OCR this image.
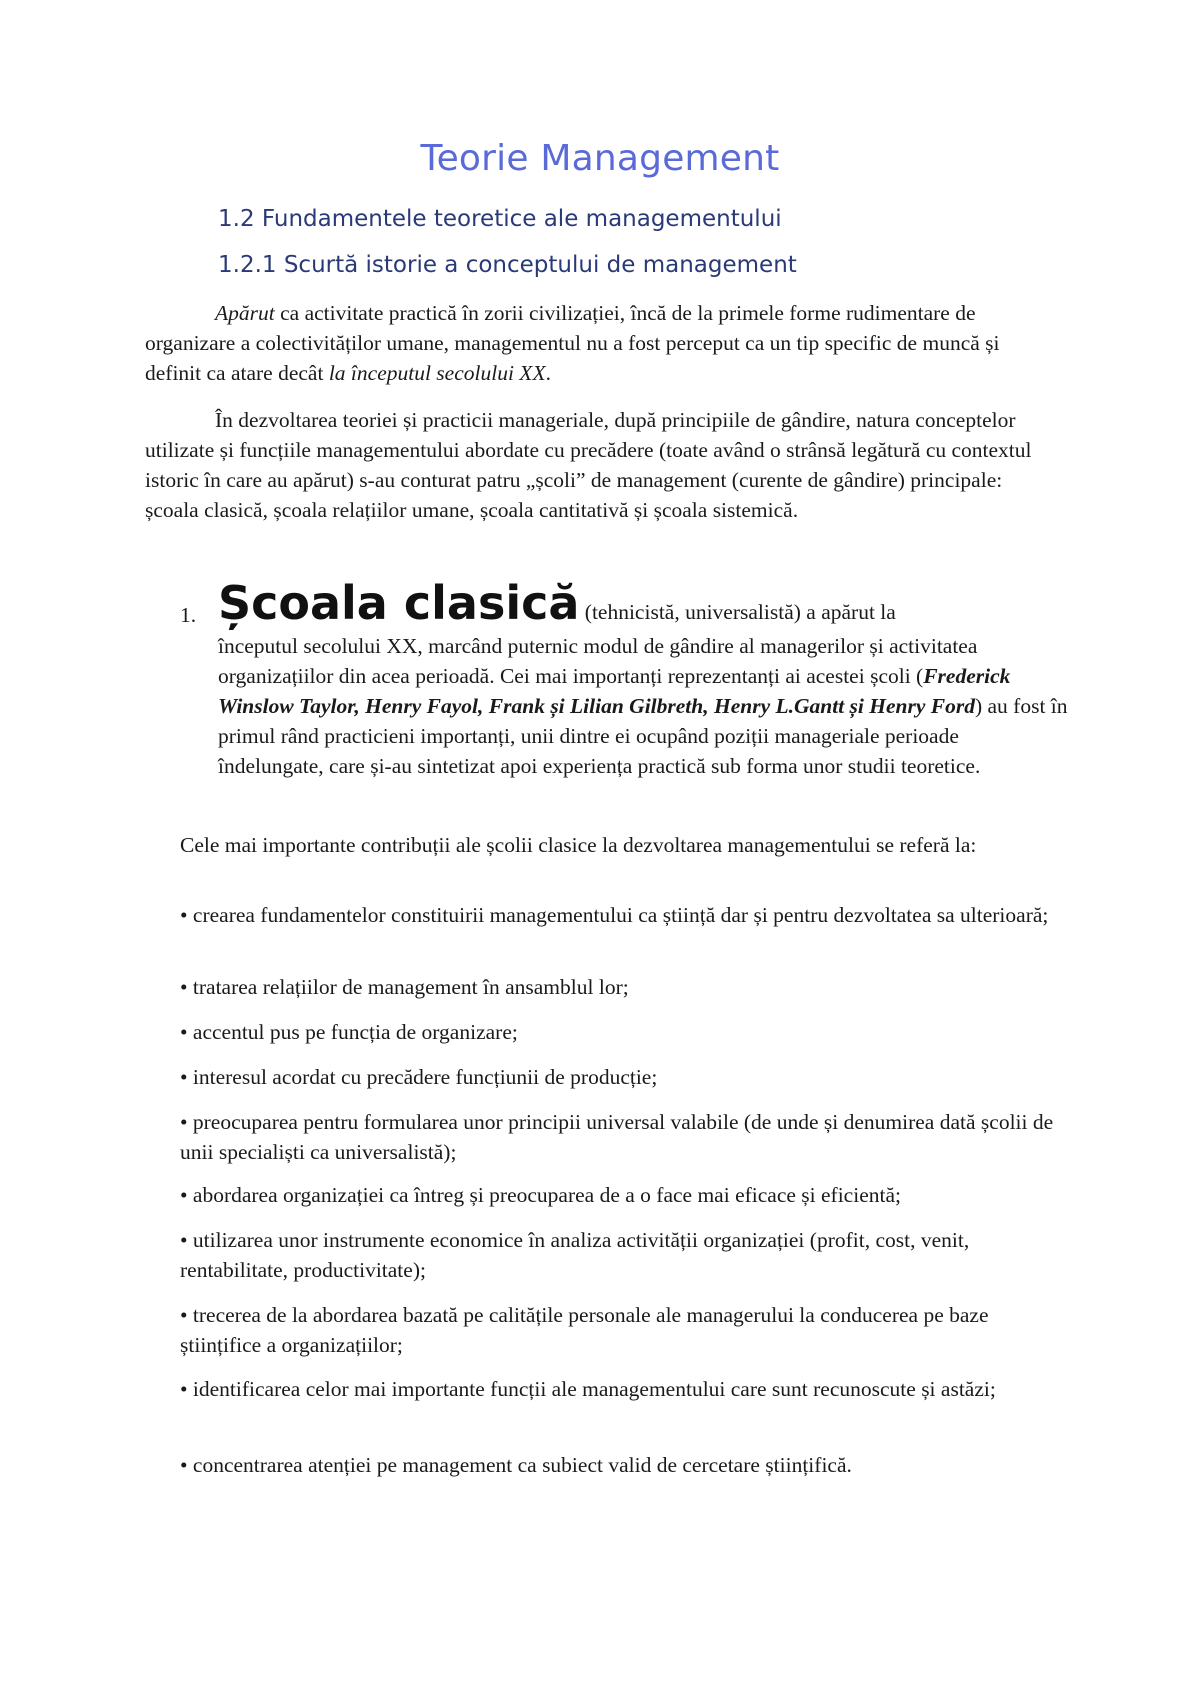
Teorie Management
1.2 Fundamentele teoretice ale managementului
1.2.1 Scurtă istorie a conceptului de management
Apărut ca activitate practică în zorii civilizației, încă de la primele forme rudimentare de organizare a colectivităților umane, managementul nu a fost perceput ca un tip specific de muncă și definit ca atare decât la începutul secolului XX.
În dezvoltarea teoriei și practicii manageriale, după principiile de gândire, natura conceptelor utilizate și funcțiile managementului abordate cu precădere (toate având o strânsă legătură cu contextul istoric în care au apărut) s-au conturat patru „școli” de management (curente de gândire) principale: școala clasică, școala relațiilor umane, școala cantitativă și școala sistemică.
1. Școala clasică (tehnicistă, universalistă) a apărut la
începutul secolului XX, marcând puternic modul de gândire al managerilor și activitatea organizațiilor din acea perioadă. Cei mai importanți reprezentanți ai acestei școli (Frederick Winslow Taylor, Henry Fayol, Frank și Lilian Gilbreth, Henry L.Gantt și Henry Ford) au fost în primul rând practicieni importanți, unii dintre ei ocupând poziții manageriale perioade îndelungate, care și-au sintetizat apoi experiența practică sub forma unor studii teoretice.
Cele mai importante contribuții ale școlii clasice la dezvoltarea managementului se referă la:
• crearea fundamentelor constituirii managementului ca știință dar și pentru dezvoltatea sa ulterioară;
• tratarea relațiilor de management în ansamblul lor;
• accentul pus pe funcția de organizare;
• interesul acordat cu precădere funcțiunii de producție;
• preocuparea pentru formularea unor principii universal valabile (de unde și denumirea dată școlii de unii specialiști ca universalistă);
• abordarea organizației ca întreg și preocuparea de a o face mai eficace și eficientă;
• utilizarea unor instrumente economice în analiza activității organizației (profit, cost, venit, rentabilitate, productivitate);
• trecerea de la abordarea bazată pe calitățile personale ale managerului la conducerea pe baze științifice a organizațiilor;
• identificarea celor mai importante funcții ale managementului care sunt recunoscute și astăzi;
• concentrarea atenției pe management ca subiect valid de cercetare științifică.
